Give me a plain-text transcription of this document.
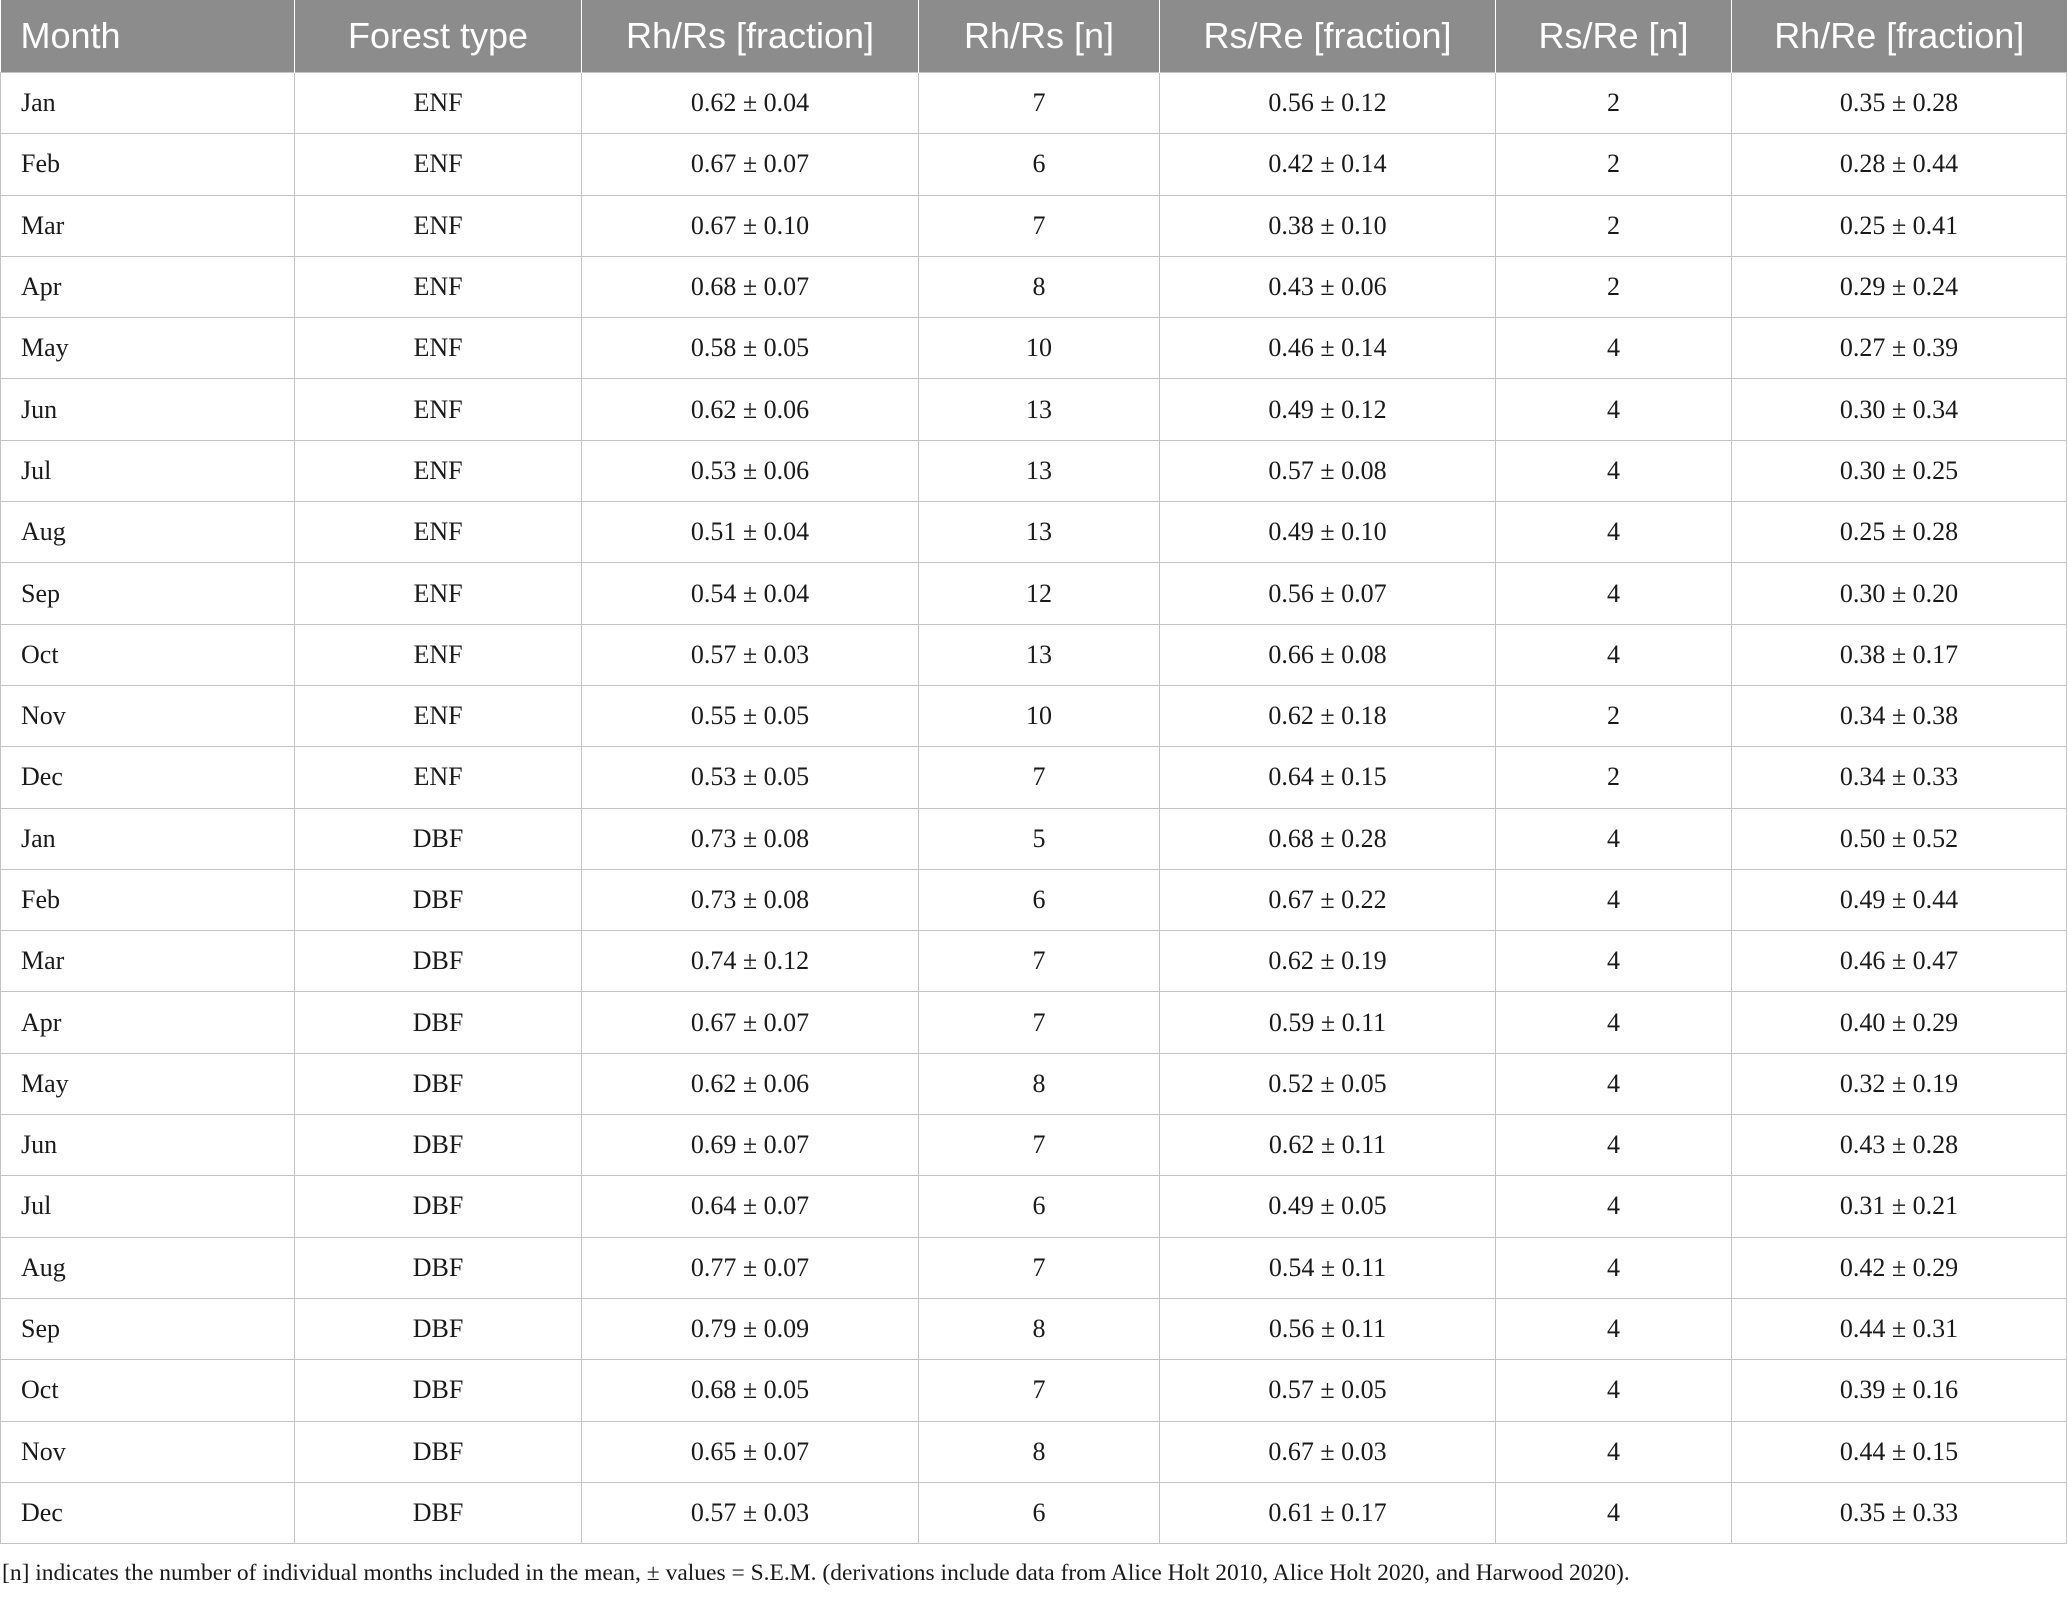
Month	Forest type	Rh/Rs [fraction]	Rh/Rs [n]	Rs/Re [fraction]	Rs/Re [n]	Rh/Re [fraction]
Jan	ENF	0.62 ± 0.04	7	0.56 ± 0.12	2	0.35 ± 0.28
Feb	ENF	0.67 ± 0.07	6	0.42 ± 0.14	2	0.28 ± 0.44
Mar	ENF	0.67 ± 0.10	7	0.38 ± 0.10	2	0.25 ± 0.41
Apr	ENF	0.68 ± 0.07	8	0.43 ± 0.06	2	0.29 ± 0.24
May	ENF	0.58 ± 0.05	10	0.46 ± 0.14	4	0.27 ± 0.39
Jun	ENF	0.62 ± 0.06	13	0.49 ± 0.12	4	0.30 ± 0.34
Jul	ENF	0.53 ± 0.06	13	0.57 ± 0.08	4	0.30 ± 0.25
Aug	ENF	0.51 ± 0.04	13	0.49 ± 0.10	4	0.25 ± 0.28
Sep	ENF	0.54 ± 0.04	12	0.56 ± 0.07	4	0.30 ± 0.20
Oct	ENF	0.57 ± 0.03	13	0.66 ± 0.08	4	0.38 ± 0.17
Nov	ENF	0.55 ± 0.05	10	0.62 ± 0.18	2	0.34 ± 0.38
Dec	ENF	0.53 ± 0.05	7	0.64 ± 0.15	2	0.34 ± 0.33
Jan	DBF	0.73 ± 0.08	5	0.68 ± 0.28	4	0.50 ± 0.52
Feb	DBF	0.73 ± 0.08	6	0.67 ± 0.22	4	0.49 ± 0.44
Mar	DBF	0.74 ± 0.12	7	0.62 ± 0.19	4	0.46 ± 0.47
Apr	DBF	0.67 ± 0.07	7	0.59 ± 0.11	4	0.40 ± 0.29
May	DBF	0.62 ± 0.06	8	0.52 ± 0.05	4	0.32 ± 0.19
Jun	DBF	0.69 ± 0.07	7	0.62 ± 0.11	4	0.43 ± 0.28
Jul	DBF	0.64 ± 0.07	6	0.49 ± 0.05	4	0.31 ± 0.21
Aug	DBF	0.77 ± 0.07	7	0.54 ± 0.11	4	0.42 ± 0.29
Sep	DBF	0.79 ± 0.09	8	0.56 ± 0.11	4	0.44 ± 0.31
Oct	DBF	0.68 ± 0.05	7	0.57 ± 0.05	4	0.39 ± 0.16
Nov	DBF	0.65 ± 0.07	8	0.67 ± 0.03	4	0.44 ± 0.15
Dec	DBF	0.57 ± 0.03	6	0.61 ± 0.17	4	0.35 ± 0.33
[n] indicates the number of individual months included in the mean, ± values = S.E.M. (derivations include data from Alice Holt 2010, Alice Holt 2020, and Harwood 2020).
